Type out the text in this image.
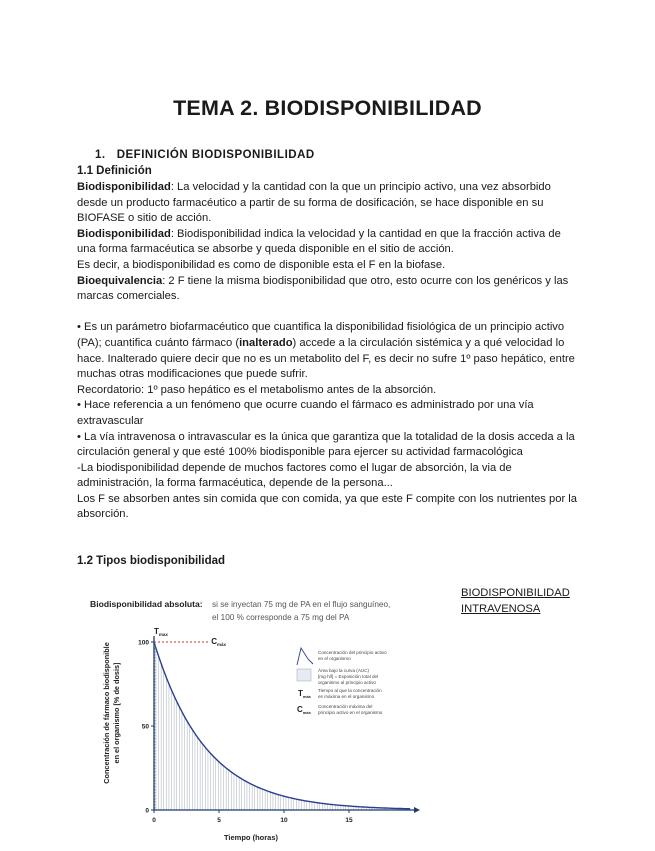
TEMA 2. BIODISPONIBILIDAD
1. DEFINICIÓN BIODISPONIBILIDAD
1.1 Definición

Biodisponibilidad: La velocidad y la cantidad con la que un principio activo, una vez absorbido desde un producto farmacéutico a partir de su forma de dosificación, se hace disponible en su BIOFASE o sitio de acción.

Biodisponibilidad: Biodisponibilidad indica la velocidad y la cantidad en que la fracción activa de una forma farmacéutica se absorbe y queda disponible en el sitio de acción.

Es decir, a biodisponibilidad es como de disponible esta el F en la biofase.

Bioequivalencia: 2 F tiene la misma biodisponibilidad que otro, esto ocurre con los genéricos y las marcas comerciales.

• Es un parámetro biofarmacéutico que cuantifica la disponibilidad fisiológica de un principio activo (PA); cuantifica cuánto fármaco (inalterado) accede a la circulación sistémica y a qué velocidad lo hace. Inalterado quiere decir que no es un metabolito del F, es decir no sufre 1º paso hepático, entre muchas otras modificaciones que puede sufrir.

Recordatorio: 1º paso hepático es el metabolismo antes de la absorción.

• Hace referencia a un fenómeno que ocurre cuando el fármaco es administrado por una vía extravascular

• La vía intravenosa o intravascular es la única que garantiza que la totalidad de la dosis acceda a la circulación general y que esté 100% biodisponible para ejercer su actividad farmacológica

-La biodisponibilidad depende de muchos factores como el lugar de absorción, la via de administración, la forma farmacéutica, depende de la persona...

Los F se absorben antes sin comida que con comida, ya que este F compite con los nutrientes por la absorción.

1.2 Tipos biodisponibilidad
BIODISPONIBILIDAD
INTRAVENOSA
Biodisponibilidad absoluta: si se inyectan 75 mg de PA en el flujo sanguíneo,
el 100 % corresponde a 75 mg del PA
$T_{max}$
$C_{máx}$
0
50
100
0	5	10	15
Tiempo (horas)
Concentración de fármaco biodisponible en el organismo [% de dosis]
Concentración del principio activo
en el organismo
Área bajo la curva (AUC)
[mg·h/l] = Exposición total del
organismo al principio activo
$T_{máx}$
Tiempo al que la concentración
es máxima en el organismo
$C_{máx}$
Concentración máxima del
principio activo en el organismo
